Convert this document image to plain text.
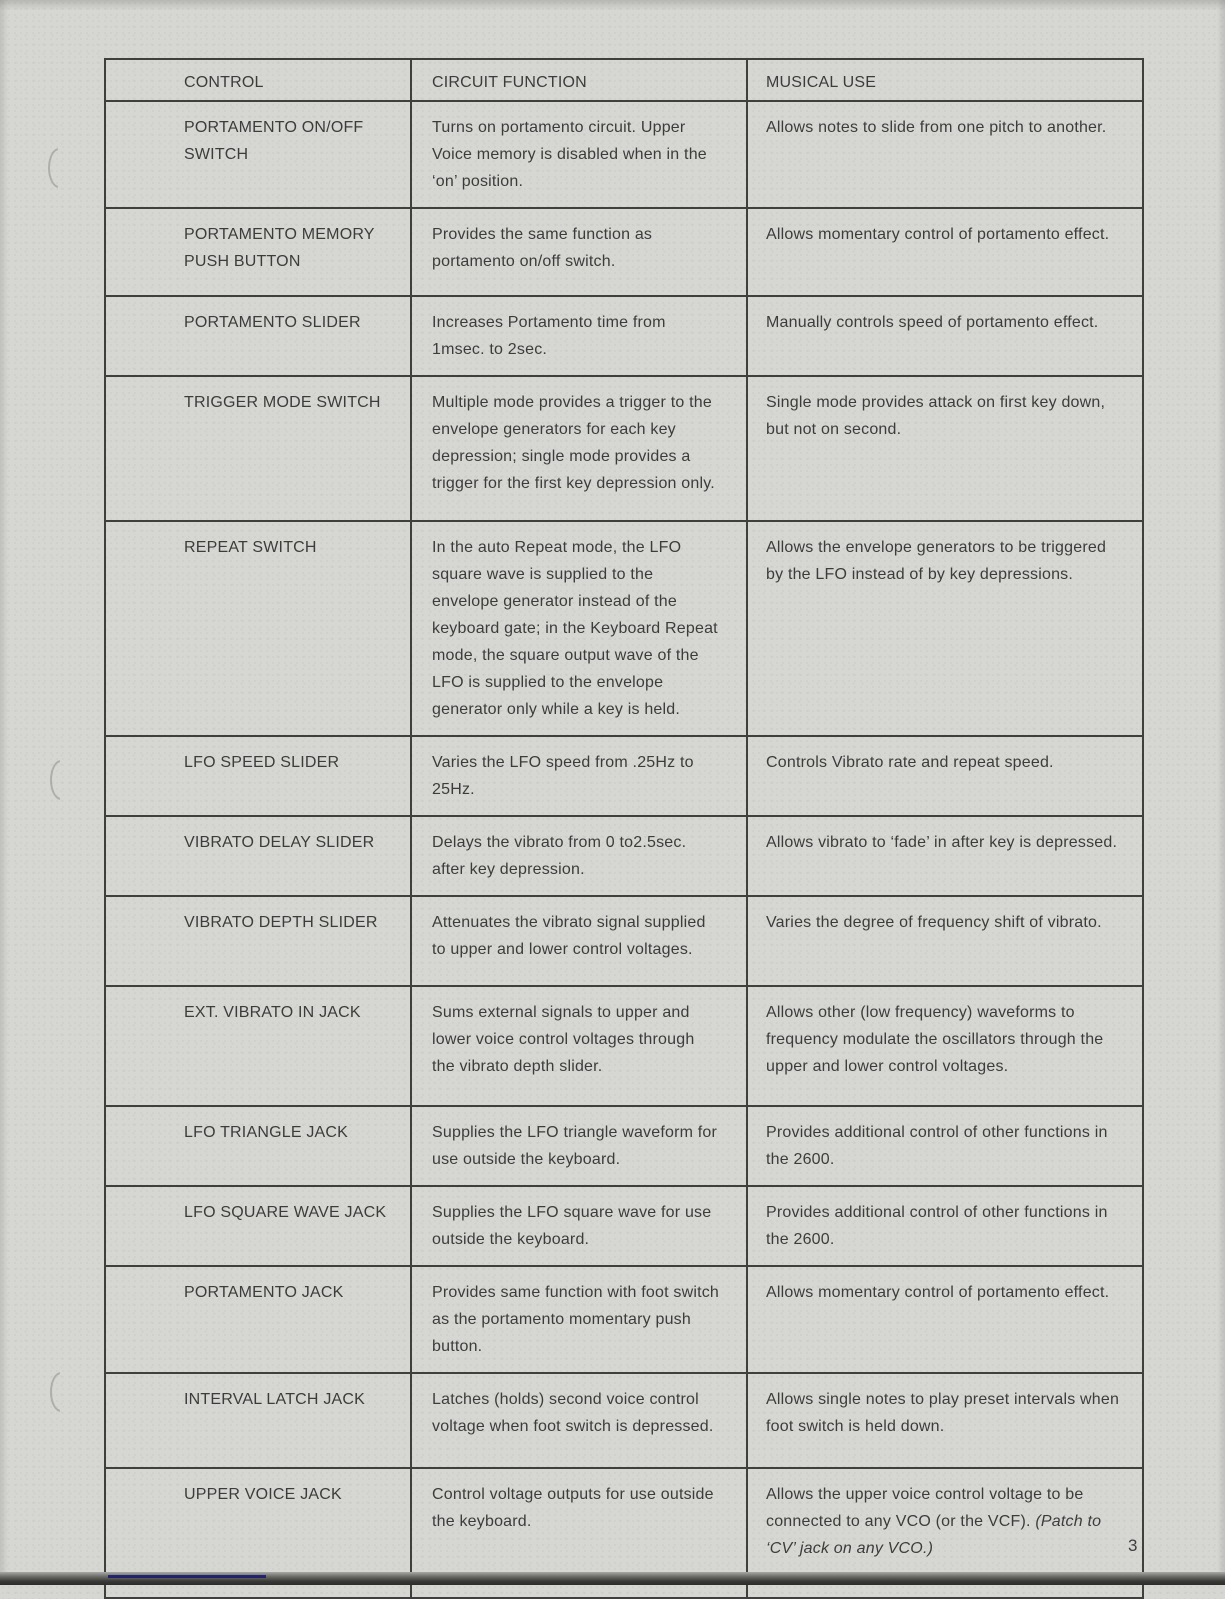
CONTROL	CIRCUIT FUNCTION	MUSICAL USE
PORTAMENTO ON/OFF SWITCH	Turns on portamento circuit. Upper Voice memory is disabled when in the ‘on’ position.	Allows notes to slide from one pitch to another.
PORTAMENTO MEMORY PUSH BUTTON	Provides the same function as portamento on/off switch.	Allows momentary control of portamento effect.
PORTAMENTO SLIDER	Increases Portamento time from 1msec. to 2sec.	Manually controls speed of portamento effect.
TRIGGER MODE SWITCH	Multiple mode provides a trigger to the envelope generators for each key depression; single mode provides a trigger for the first key depression only.	Single mode provides attack on first key down, but not on second.
REPEAT SWITCH	In the auto Repeat mode, the LFO square wave is supplied to the envelope generator instead of the keyboard gate; in the Keyboard Repeat mode, the square output wave of the LFO is supplied to the envelope generator only while a key is held.	Allows the envelope generators to be triggered by the LFO instead of by key depressions.
LFO SPEED SLIDER	Varies the LFO speed from .25Hz to 25Hz.	Controls Vibrato rate and repeat speed.
VIBRATO DELAY SLIDER	Delays the vibrato from 0 to2.5sec. after key depression.	Allows vibrato to ‘fade’ in after key is depressed.
VIBRATO DEPTH SLIDER	Attenuates the vibrato signal supplied to upper and lower control voltages.	Varies the degree of frequency shift of vibrato.
EXT. VIBRATO IN JACK	Sums external signals to upper and lower voice control voltages through the vibrato depth slider.	Allows other (low frequency) waveforms to frequency modulate the oscillators through the upper and lower control voltages.
LFO TRIANGLE JACK	Supplies the LFO triangle waveform for use outside the keyboard.	Provides additional control of other functions in the 2600.
LFO SQUARE WAVE JACK	Supplies the LFO square wave for use outside the keyboard.	Provides additional control of other functions in the 2600.
PORTAMENTO JACK	Provides same function with foot switch as the portamento momentary push button.	Allows momentary control of portamento effect.
INTERVAL LATCH JACK	Latches (holds) second voice control voltage when foot switch is depressed.	Allows single notes to play preset intervals when foot switch is held down.
UPPER VOICE JACK	Control voltage outputs for use outside the keyboard.	Allows the upper voice control voltage to be connected to any VCO (or the VCF). (Patch to ‘CV’ jack on any VCO.)	3
